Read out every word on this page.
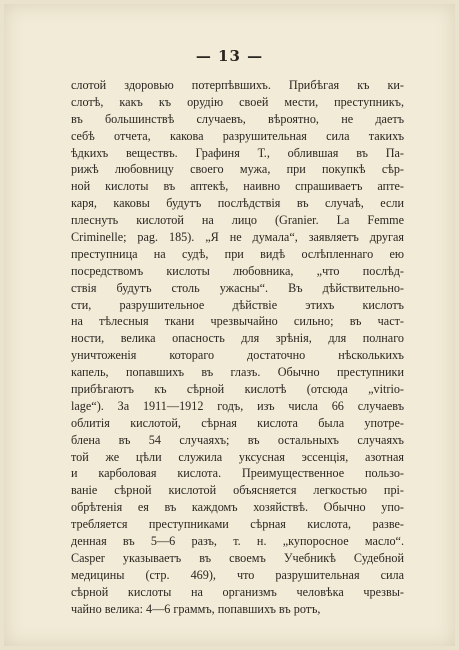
— 13 —
слотой здоровью потерпѣвшихъ. Прибѣгая къ ки-
слотѣ, какъ къ орудію своей мести, преступникъ,
въ большинствѣ случаевъ, вѣроятно, не даетъ
себѣ отчета, какова разрушительная сила такихъ
ѣдкихъ веществъ. Графиня Т., облившая въ Па-
рижѣ любовницу своего мужа, при покупкѣ сѣр-
ной кислоты въ аптекѣ, наивно спрашиваетъ апте-
каря, каковы будутъ послѣдствія въ случаѣ, если
плеснуть кислотой на лицо (Granier. La Femme
Criminelle; pag. 185). „Я не думала“, заявляетъ другая
преступница на судѣ, при видѣ ослѣпленнаго ею
посредствомъ кислоты любовника, „что послѣд-
ствія будутъ столь ужасны“. Въ дѣйствительно-
сти, разрушительное дѣйствіе этихъ кислотъ
на тѣлесныя ткани чрезвычайно сильно; въ част-
ности, велика опасность для зрѣнія, для полнаго
уничтоженія котораго достаточно нѣсколькихъ
капель, попавшихъ въ глазъ. Обычно преступники
прибѣгаютъ къ сѣрной кислотѣ (отсюда „vitrio-
lage“). За 1911—1912 годъ, изъ числа 66 случаевъ
облитія кислотой, сѣрная кислота была употре-
блена въ 54 случаяхъ; въ остальныхъ случаяхъ
той же цѣли служила уксусная эссенція, азотная
и карболовая кислота. Преимущественное пользо-
ваніе сѣрной кислотой объясняется легкостью прі-
обрѣтенія ея въ каждомъ хозяйствѣ. Обычно упо-
требляется преступниками сѣрная кислота, разве-
денная въ 5—6 разъ, т. н. „купоросное масло“.
Casper указываетъ въ своемъ Учебникѣ Судебной
медицины (стр. 469), что разрушительная сила
сѣрной кислоты на организмъ человѣка чрезвы-
чайно велика: 4—6 граммъ, попавшихъ въ ротъ,
